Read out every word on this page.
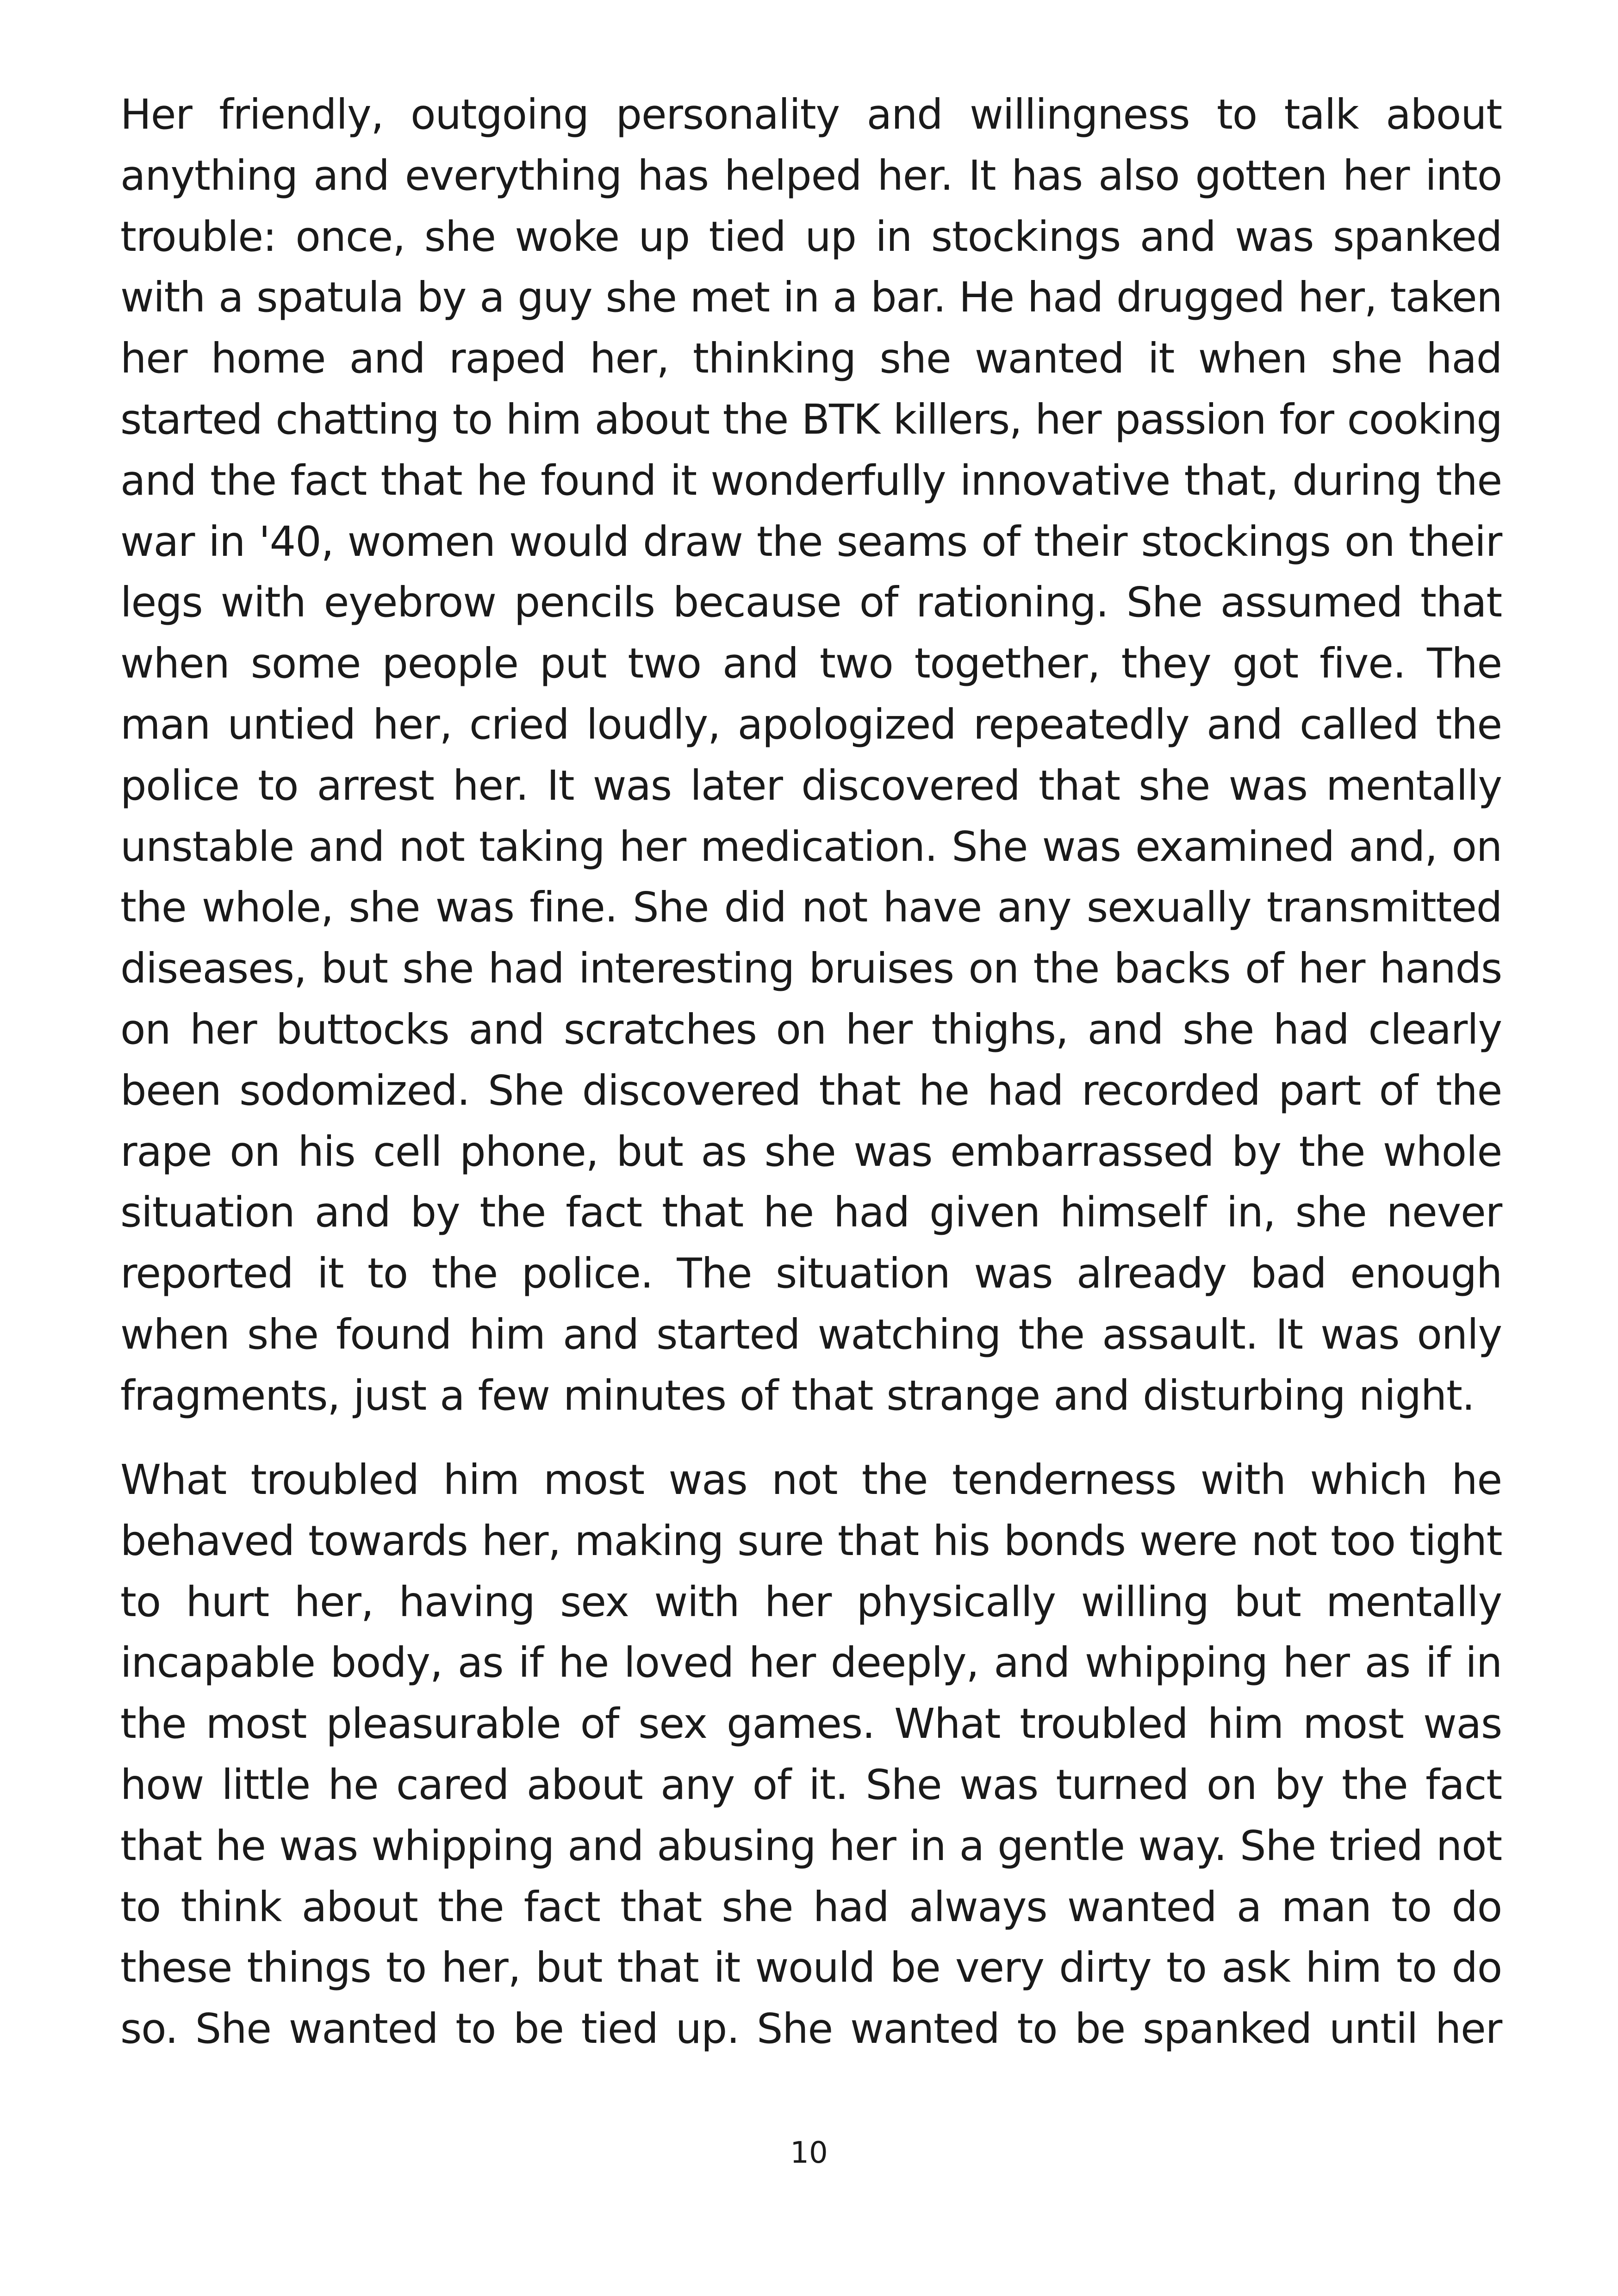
Her friendly, outgoing personality and willingness to talk about
anything and everything has helped her. It has also gotten her into
trouble: once, she woke up tied up in stockings and was spanked
with a spatula by a guy she met in a bar. He had drugged her, taken
her home and raped her, thinking she wanted it when she had
started chatting to him about the BTK killers, her passion for cooking
and the fact that he found it wonderfully innovative that, during the
war in '40, women would draw the seams of their stockings on their
legs with eyebrow pencils because of rationing. She assumed that
when some people put two and two together, they got five. The
man untied her, cried loudly, apologized repeatedly and called the
police to arrest her. It was later discovered that she was mentally
unstable and not taking her medication. She was examined and, on
the whole, she was fine. She did not have any sexually transmitted
diseases, but she had interesting bruises on the backs of her hands
on her buttocks and scratches on her thighs, and she had clearly
been sodomized. She discovered that he had recorded part of the
rape on his cell phone, but as she was embarrassed by the whole
situation and by the fact that he had given himself in, she never
reported it to the police. The situation was already bad enough
when she found him and started watching the assault. It was only
fragments, just a few minutes of that strange and disturbing night.
What troubled him most was not the tenderness with which he
behaved towards her, making sure that his bonds were not too tight
to hurt her, having sex with her physically willing but mentally
incapable body, as if he loved her deeply, and whipping her as if in
the most pleasurable of sex games. What troubled him most was
how little he cared about any of it. She was turned on by the fact
that he was whipping and abusing her in a gentle way. She tried not
to think about the fact that she had always wanted a man to do
these things to her, but that it would be very dirty to ask him to do
so. She wanted to be tied up. She wanted to be spanked until her
10
